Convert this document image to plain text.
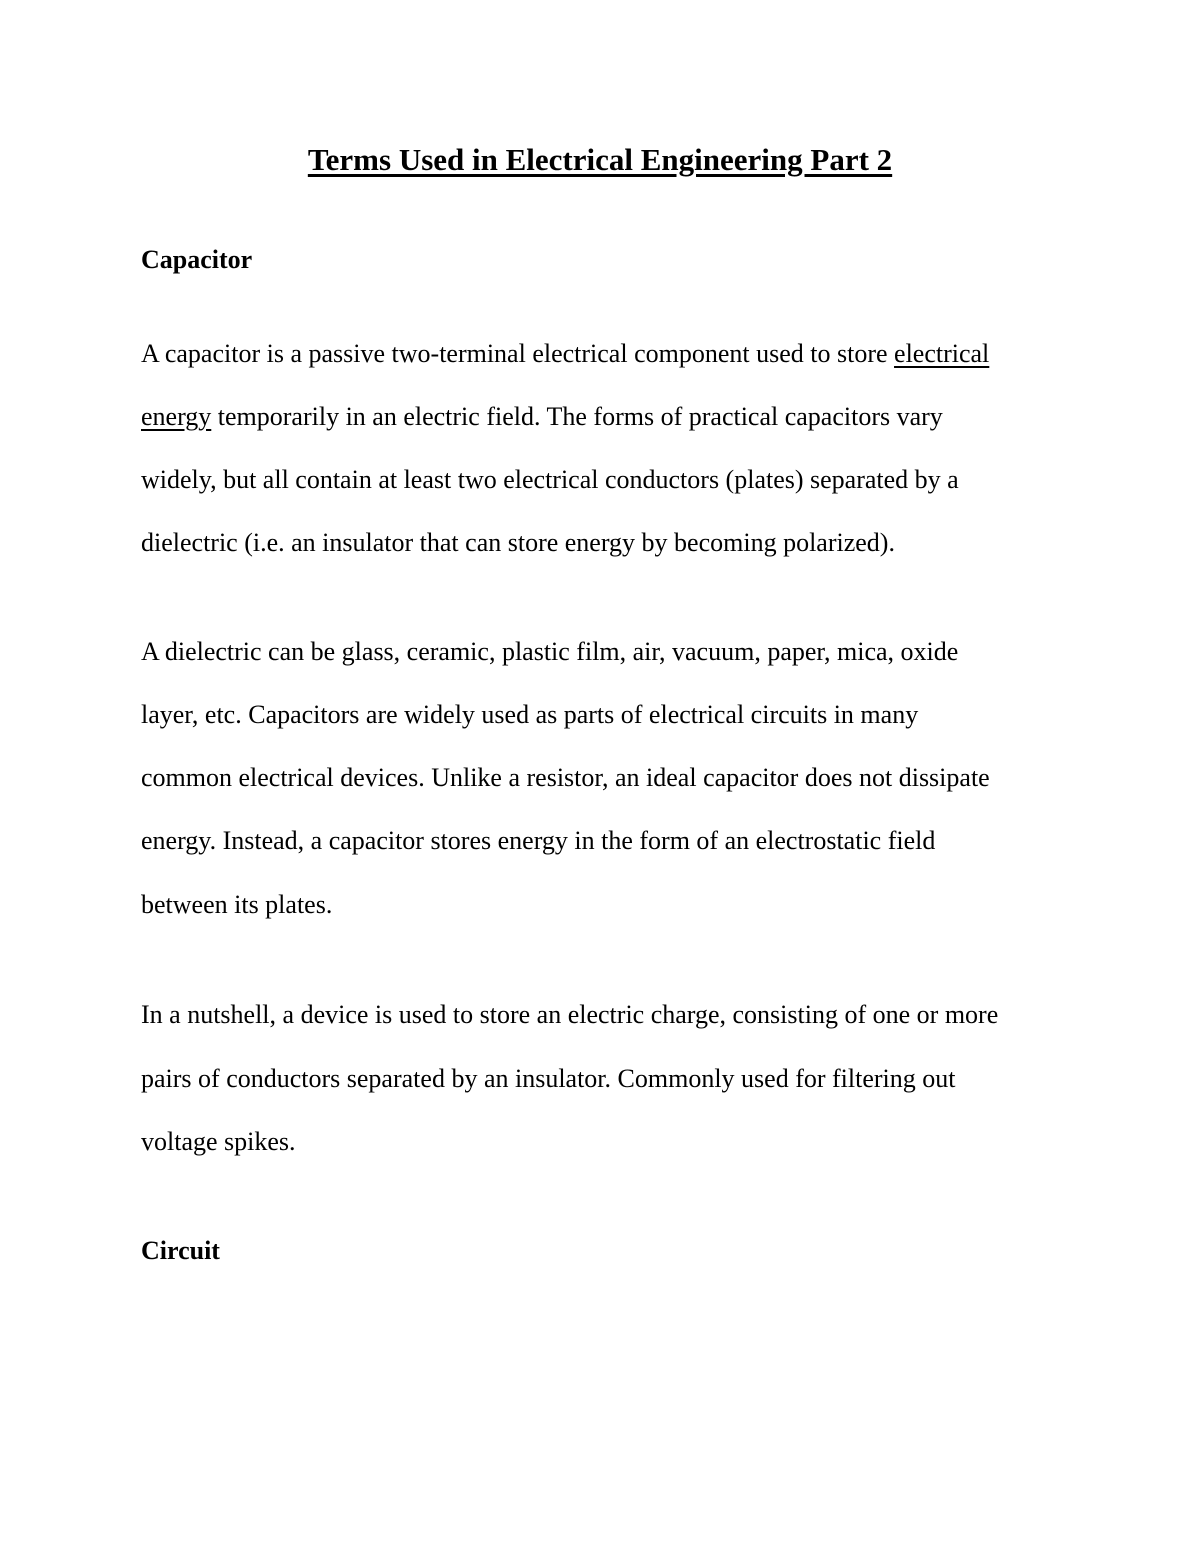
Terms Used in Electrical Engineering Part 2
Capacitor
A capacitor is a passive two-terminal electrical component used to store electrical
energy temporarily in an electric field. The forms of practical capacitors vary
widely, but all contain at least two electrical conductors (plates) separated by a
dielectric (i.e. an insulator that can store energy by becoming polarized).
A dielectric can be glass, ceramic, plastic film, air, vacuum, paper, mica, oxide
layer, etc. Capacitors are widely used as parts of electrical circuits in many
common electrical devices. Unlike a resistor, an ideal capacitor does not dissipate
energy. Instead, a capacitor stores energy in the form of an electrostatic field
between its plates.
In a nutshell, a device is used to store an electric charge, consisting of one or more
pairs of conductors separated by an insulator. Commonly used for filtering out
voltage spikes.
Circuit
